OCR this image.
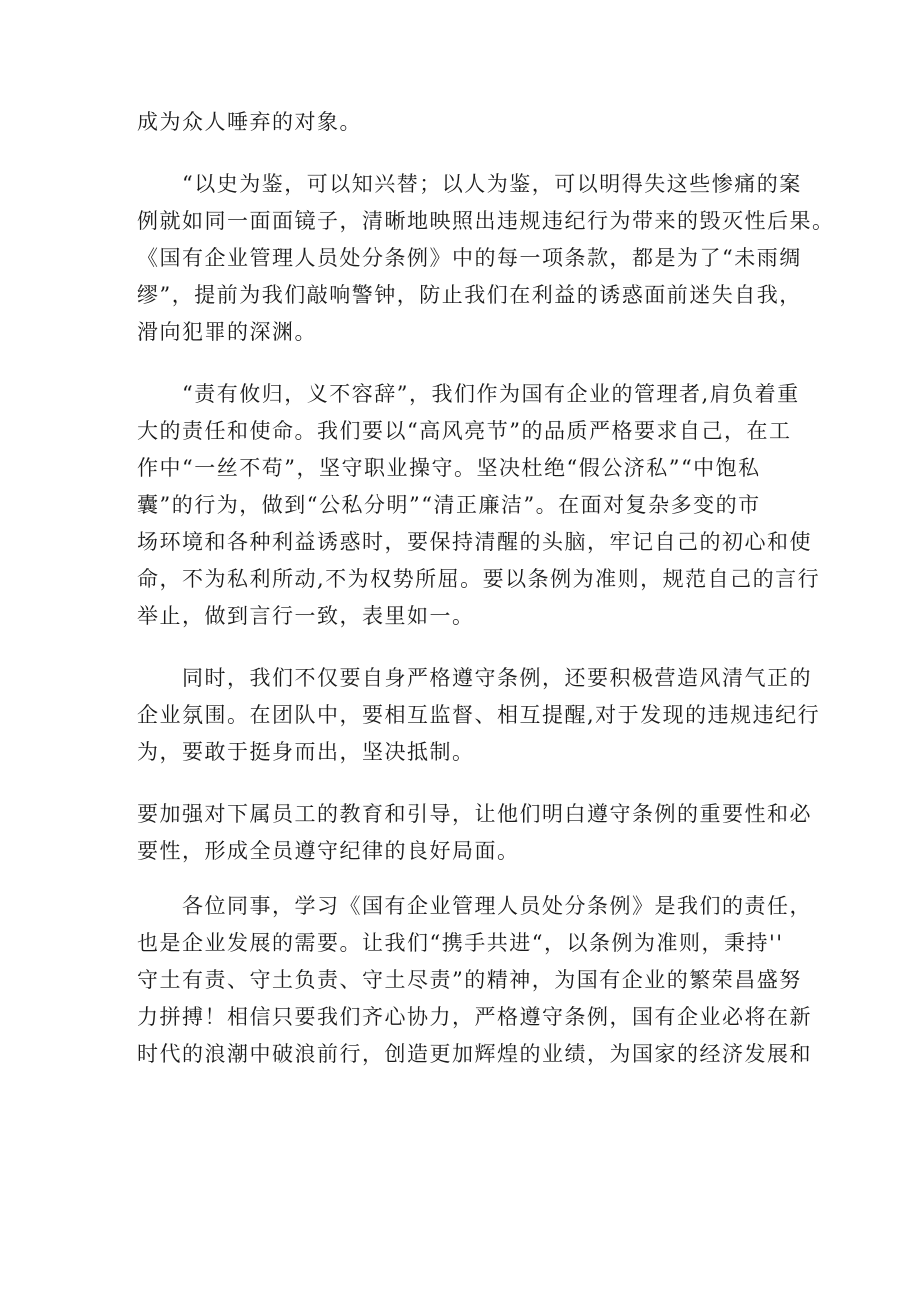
成为众人唾弃的对象。
　　“以史为鉴，可以知兴替；以人为鉴，可以明得失这些惨痛的案
例就如同一面面镜子，清晰地映照出违规违纪行为带来的毁灭性后果。
《国有企业管理人员处分条例》中的每一项条款，都是为了“未雨绸
缪”，提前为我们敲响警钟，防止我们在利益的诱惑面前迷失自我，
滑向犯罪的深渊。
　　“责有攸归，义不容辞”，我们作为国有企业的管理者,肩负着重
大的责任和使命。我们要以“高风亮节”的品质严格要求自己，在工
作中“一丝不苟”，坚守职业操守。坚决杜绝“假公济私”“中饱私
囊”的行为，做到“公私分明”“清正廉洁”。在面对复杂多变的市
场环境和各种利益诱惑时，要保持清醒的头脑，牢记自己的初心和使
命，不为私利所动,不为权势所屈。要以条例为准则，规范自己的言行
举止，做到言行一致，表里如一。
　　同时，我们不仅要自身严格遵守条例，还要积极营造风清气正的
企业氛围。在团队中，要相互监督、相互提醒,对于发现的违规违纪行
为，要敢于挺身而出，坚决抵制。
要加强对下属员工的教育和引导，让他们明白遵守条例的重要性和必
要性，形成全员遵守纪律的良好局面。
　　各位同事，学习《国有企业管理人员处分条例》是我们的责任，
也是企业发展的需要。让我们“携手共进“，以条例为准则，秉持''
守土有责、守土负责、守土尽责”的精神，为国有企业的繁荣昌盛努
力拼搏！相信只要我们齐心协力，严格遵守条例，国有企业必将在新
时代的浪潮中破浪前行，创造更加辉煌的业绩，为国家的经济发展和
